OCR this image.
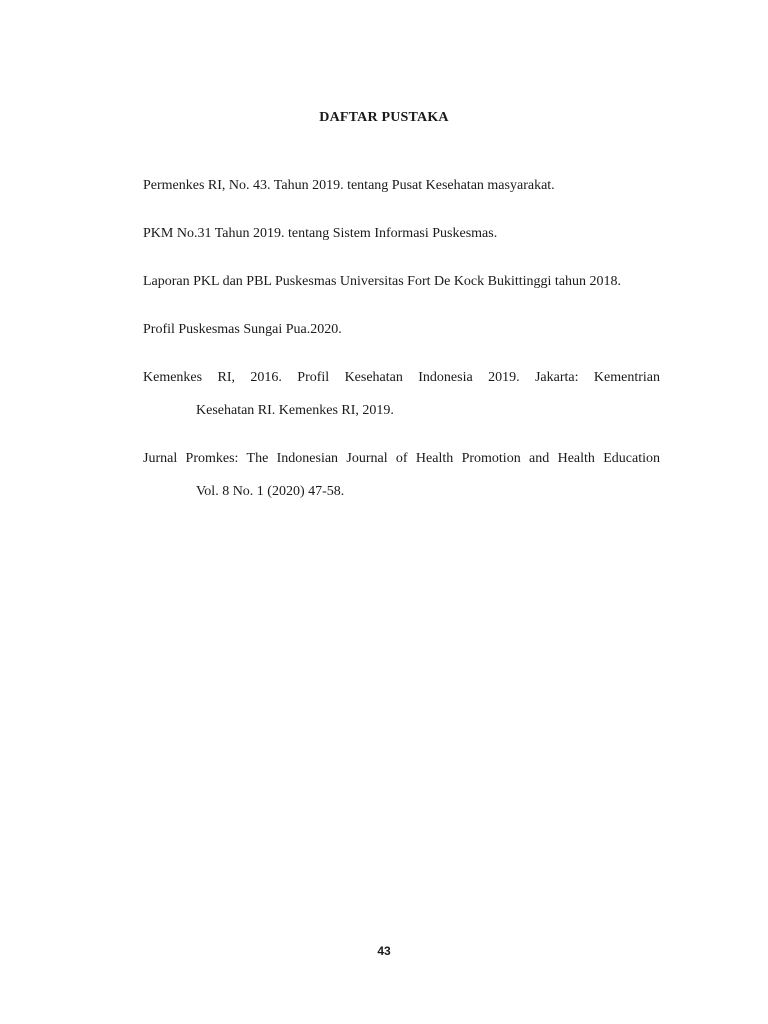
DAFTAR PUSTAKA

Permenkes RI, No. 43. Tahun 2019. tentang Pusat Kesehatan masyarakat.

PKM No.31 Tahun 2019. tentang Sistem Informasi Puskesmas.

Laporan PKL dan PBL Puskesmas Universitas Fort De Kock Bukittinggi tahun 2018.

Profil Puskesmas Sungai Pua.2020.

Kemenkes RI, 2016. Profil Kesehatan Indonesia 2019. Jakarta: Kementrian
Kesehatan RI. Kemenkes RI, 2019.

Jurnal Promkes: The Indonesian Journal of Health Promotion and Health Education
Vol. 8 No. 1 (2020) 47-58.

43
